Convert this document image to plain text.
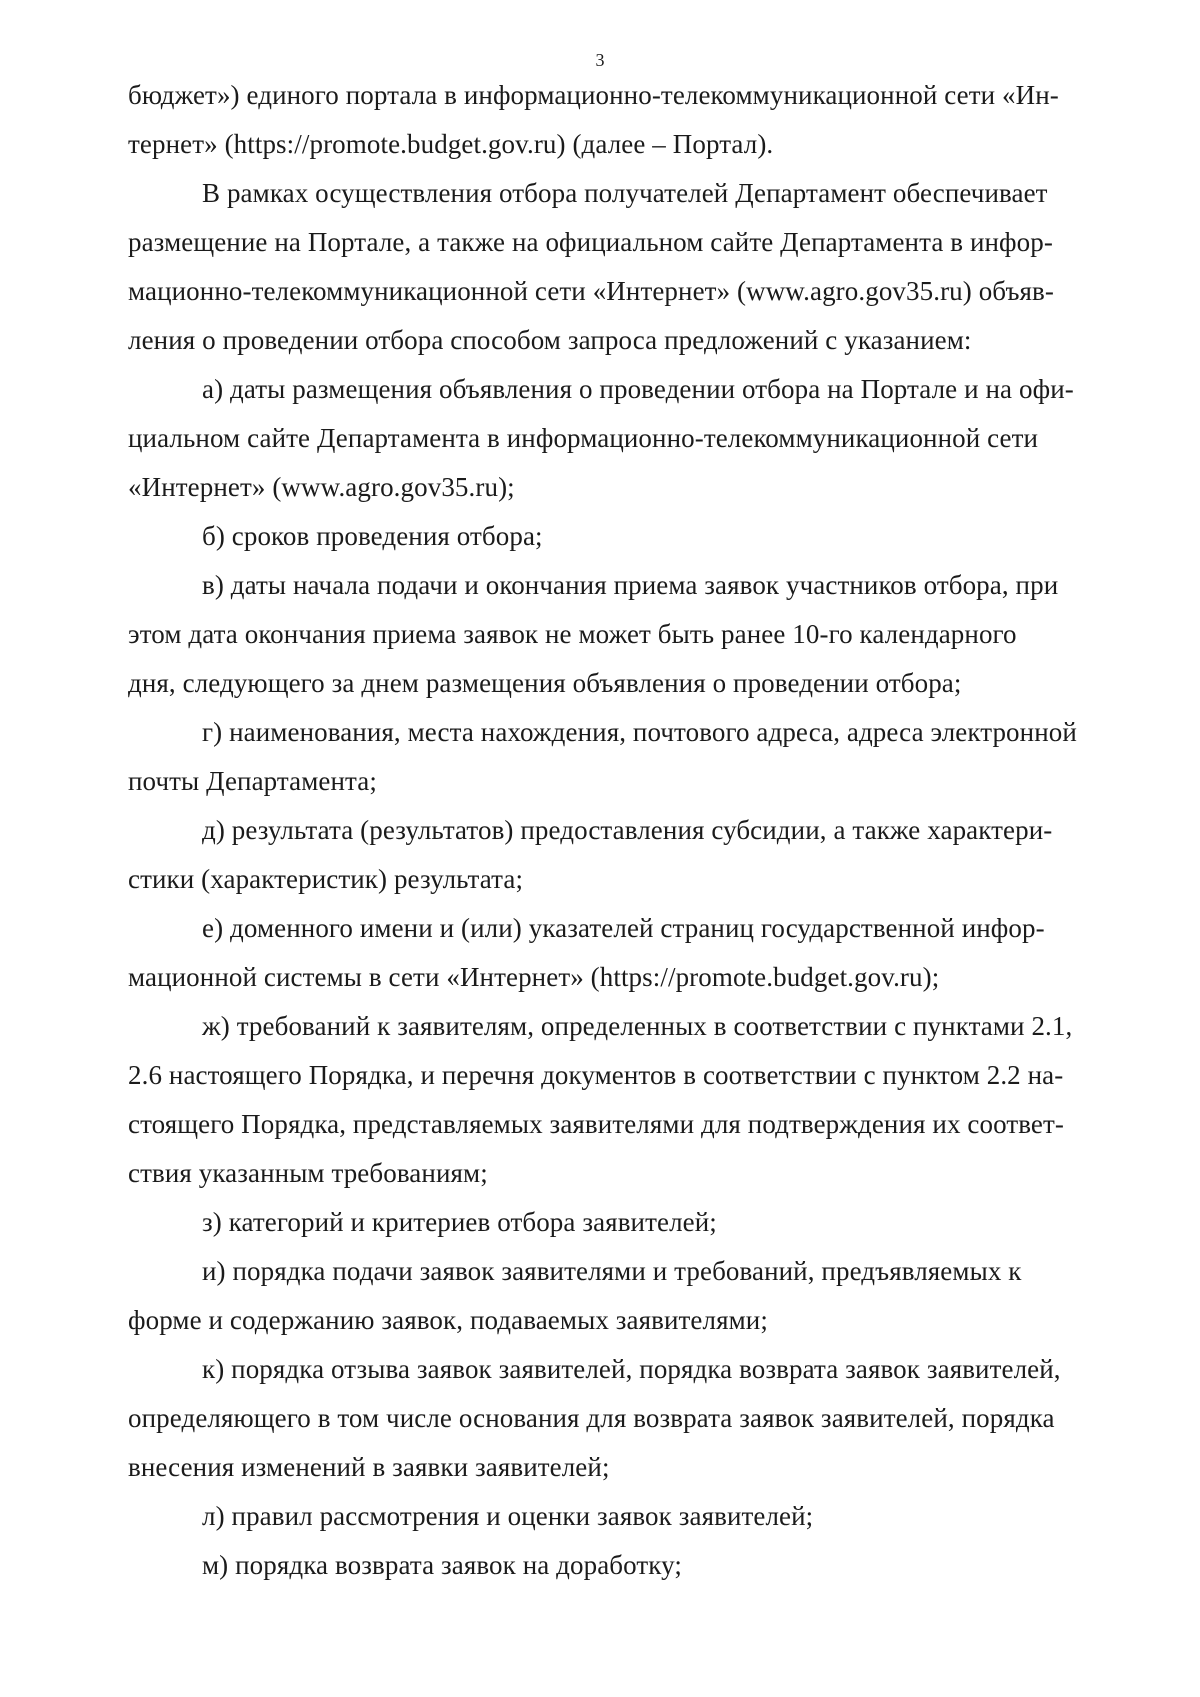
3

бюджет») единого портала в информационно-телекоммуникационной сети «Ин-
тернет» (https://promote.budget.gov.ru) (далее – Портал).

В рамках осуществления отбора получателей Департамент обеспечивает
размещение на Портале, а также на официальном сайте Департамента в инфор-
мационно-телекоммуникационной сети «Интернет» (www.agro.gov35.ru) объяв-
ления о проведении отбора способом запроса предложений с указанием:

а) даты размещения объявления о проведении отбора на Портале и на офи-
циальном сайте Департамента в информационно-телекоммуникационной сети
«Интернет» (www.agro.gov35.ru);

б) сроков проведения отбора;

в) даты начала подачи и окончания приема заявок участников отбора, при
этом дата окончания приема заявок не может быть ранее 10-го календарного
дня, следующего за днем размещения объявления о проведении отбора;

г) наименования, места нахождения, почтового адреса, адреса электронной
почты Департамента;

д) результата (результатов) предоставления субсидии, а также характери-
стики (характеристик) результата;

е) доменного имени и (или) указателей страниц государственной инфор-
мационной системы в сети «Интернет» (https://promote.budget.gov.ru);

ж) требований к заявителям, определенных в соответствии с пунктами 2.1,
2.6 настоящего Порядка, и перечня документов в соответствии с пунктом 2.2 на-
стоящего Порядка, представляемых заявителями для подтверждения их соответ-
ствия указанным требованиям;

з) категорий и критериев отбора заявителей;

и) порядка подачи заявок заявителями и требований, предъявляемых к
форме и содержанию заявок, подаваемых заявителями;

к) порядка отзыва заявок заявителей, порядка возврата заявок заявителей,
определяющего в том числе основания для возврата заявок заявителей, порядка
внесения изменений в заявки заявителей;

л) правил рассмотрения и оценки заявок заявителей;

м) порядка возврата заявок на доработку;
